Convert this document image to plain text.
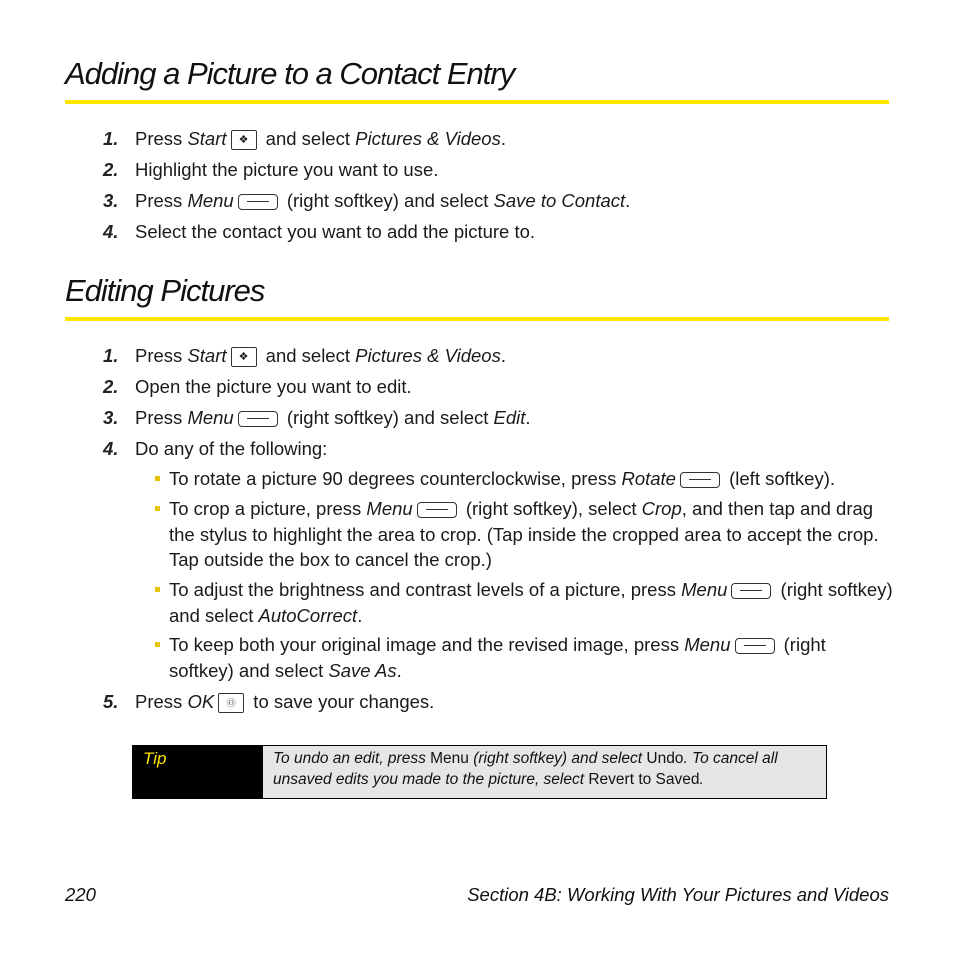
Adding a Picture to a Contact Entry
1. Press Start	❖ and select Pictures & Videos.
2. Highlight the picture you want to use.
3. Press Menu	(right softkey) and select Save to Contact.
4. Select the contact you want to add the picture to.
Editing Pictures
1. Press Start	❖ and select Pictures & Videos.
2. Open the picture you want to edit.
3. Press Menu	(right softkey) and select Edit.
4. Do any of the following:
To rotate a picture 90 degrees counterclockwise, press Rotate	(left softkey).
To crop a picture, press Menu	(right softkey), select Crop, and then tap and drag the stylus to highlight the area to crop. (Tap inside the cropped area to accept the crop. Tap outside the box to cancel the crop.)
To adjust the brightness and contrast levels of a picture, press Menu	(right softkey) and select AutoCorrect.
To keep both your original image and the revised image, press Menu	(right softkey) and select Save As.
5. Press OK	Ⓞ to save your changes.
Tip	To undo an edit, press Menu (right softkey) and select Undo. To cancel all unsaved edits you made to the picture, select Revert to Saved.
220	Section 4B: Working With Your Pictures and Videos
